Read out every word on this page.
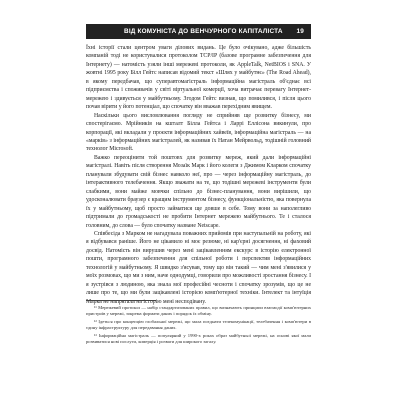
ВІД КОМУНІСТА ДО ВЕНЧУРНОГО КАПІТАЛІСТА 19

Їхні історії стали центром уваги ділових видань. Це було очікувано, адже більшість компаній тоді не користувалися протоколом TCP/IP (базове програмне забезпечення для Інтернету) — натомість узяли інші мережеві протоколи, як AppleTalk, NetBIOS і SNA. У жовтні 1995 року Білл Гейтс написав відомий текст «Шлях у майбутнє» (The Road Ahead), в якому передбачав, що суперавтомагістраль інформаційна магістраль об'єднає всі підприємства і споживачів у світі віртуальної комерції, хоча витрачає перевагу Інтернет-мережею і здивується у майбутньому. Згодом Гейтс визнав, що помилився, і після цього почав вірити у його потенціал, що спочатку він вважав перехідним явищем.

Наскільки цього висловлювання погляду не сприйняв ще розвитку бізнесу, ми спостерігаємо. Мрійників на кшталт Білла Гейтса і Ларрі Еллісона викинули, про корпорації, які вкладали у проєкти інформаційних хайвеїв, інформаційна магістраль — на «марків» з інформаційних магістралей, як називав їх Натан Мейрвольд, тодішній головний технолог Microsoft.

Важко переоцінити той поштовх для розвитку мереж, який дали інформаційні магістралі. Навіть після створення Мозаїк Марк і його колеги з Джимом Кларком спочатку планували збудувати свій бізнес навколо неї, про — через інформаційну магістраль, до інтерактивного телебачення. Якщо зважати на те, що тодішні мережеві інструменти були слабкими, вони майже мовчки спільно до бізнес-планування, вони вирішили, що удосконалювати браузер є кращим інструментом бізнесу, функціональністю, яка повернула їх у майбутньому, щоб просто займатися ще довше в себе. Тому вони за наполегливо підтримали до громадськості не пробити Інтернет мережею майбутнього. Те і сталося головним, до слова — було спочатку назване Netscape.

Співбесіда з Марком не нагадувала поважних прийомів при наступальній на роботу, які я відбувався раніше. Його не цікавило ні моє резюме, ні кар'єрні досягнення, ні фаховий досвід. Натомість він вирушив через мені зацікавленням екскурс в історію електронної пошти, програмного забезпечення для спільної роботи і перспектив інформаційних технологій у майбутньому. Я швидко з'ясував, тому що він такий — чим мені з'явилися у моїх розмовах, що ми з ним, наче однодумці, говорили про можливості зростання бізнесу. І я зустрівся з людиною, яка знала мої професійні чесноти і спочатку зрозумів, що це не лише про те, що ми були зацікавлені історією комп'ютерної техніки. Інтелект та інтуїція Марка не напрягала на історію мені несподівану.

¹¹ Мережевий протокол — набір стандартизованих правил, що визначають принципи взаємодії комп'ютерних пристроїв у мережі, зокрема формати даних і порядок їх обміну.

¹² Ідеться про концепцію глобальної мережі, що мала поєднати телекомунікації, телебачення і комп'ютери в єдину інфраструктуру для передавання даних.

¹³ Інформаційна магістраль — популярний у 1990-х роках образ майбутньої мережі, на основі якої мали розвиватися нові послуги, комерція і розваги для широкого загалу.
